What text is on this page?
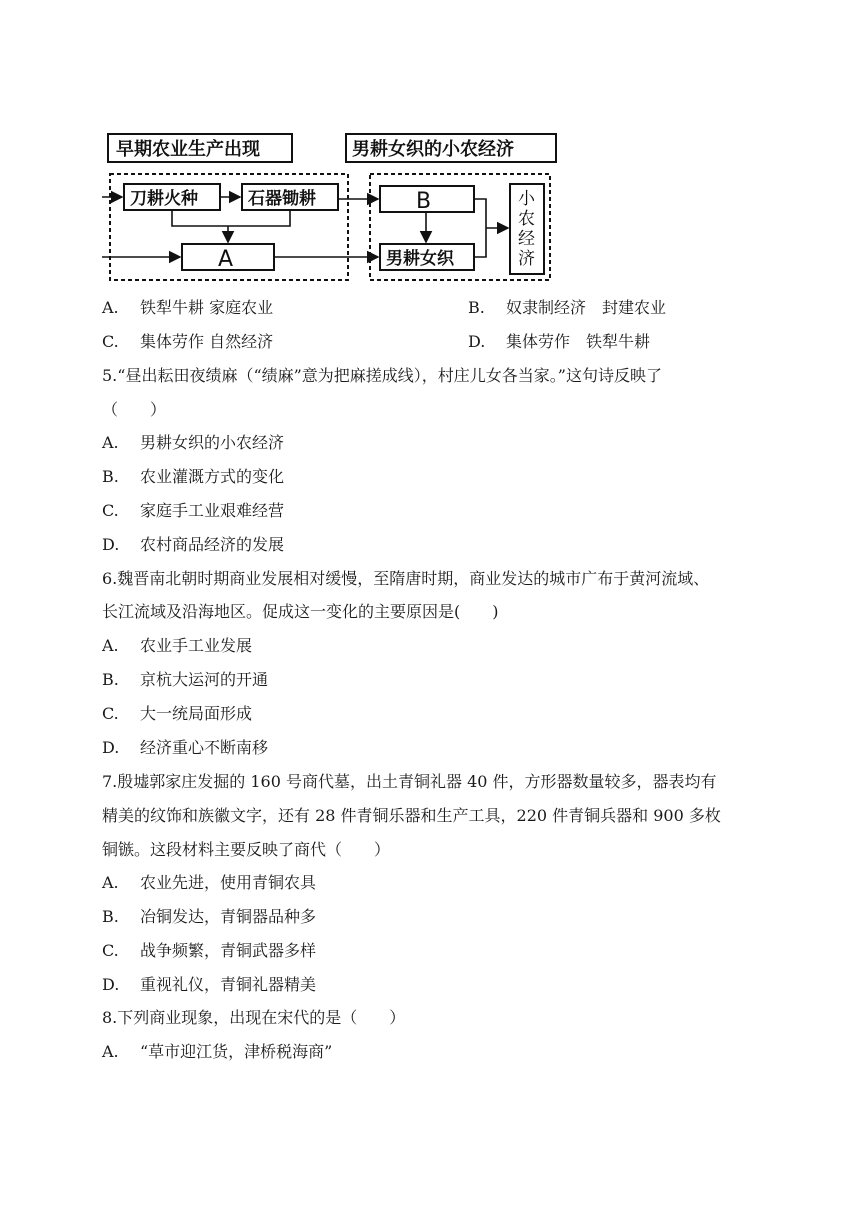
早期农业生产出现	男耕女织的小农经济
刀耕火种	石器锄耕
A
B
男耕女织
小
农
经
济
A. 铁犁牛耕 家庭农业	B. 奴隶制经济　封建农业
C. 集体劳作 自然经济	D. 集体劳作　铁犁牛耕
5.“昼出耘田夜绩麻（“绩麻”意为把麻搓成线），村庄儿女各当家。”这句诗反映了
（　　）
A. 男耕女织的小农经济
B. 农业灌溉方式的变化
C. 家庭手工业艰难经营
D. 农村商品经济的发展
6.魏晋南北朝时期商业发展相对缓慢，至隋唐时期，商业发达的城市广布于黄河流域、
长江流域及沿海地区。促成这一变化的主要原因是(　　)
A. 农业手工业发展
B. 京杭大运河的开通
C. 大一统局面形成
D. 经济重心不断南移
7.殷墟郭家庄发掘的 160 号商代墓，出土青铜礼器 40 件，方形器数量较多，器表均有
精美的纹饰和族徽文字，还有 28 件青铜乐器和生产工具，220 件青铜兵器和 900 多枚
铜镞。这段材料主要反映了商代（　　）
A. 农业先进，使用青铜农具
B. 冶铜发达，青铜器品种多
C. 战争频繁，青铜武器多样
D. 重视礼仪，青铜礼器精美
8.下列商业现象，出现在宋代的是（　　）
A. “草市迎江货，津桥税海商”
